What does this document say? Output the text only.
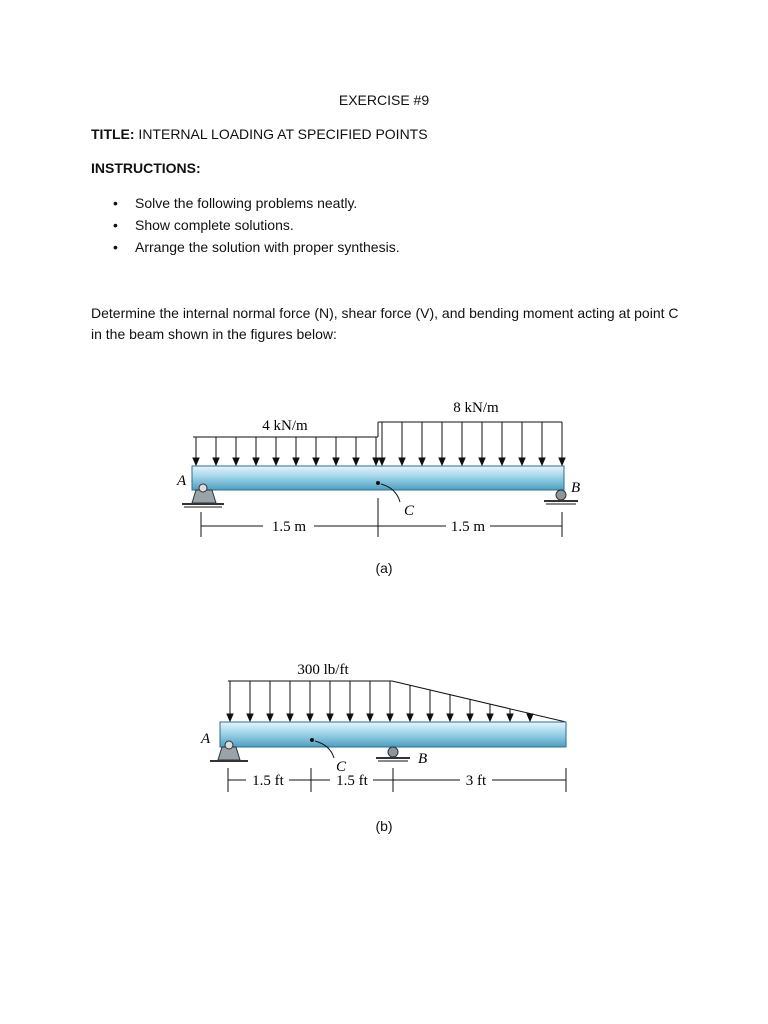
EXERCISE #9
TITLE: INTERNAL LOADING AT SPECIFIED POINTS
INSTRUCTIONS:
• Solve the following problems neatly.
• Show complete solutions.
• Arrange the solution with proper synthesis.
Determine the internal normal force (N), shear force (V), and bending moment acting at point C in the beam shown in the figures below:
4 kN/m
8 kN/m
A	B
C
1.5 m	1.5 m
(a)
300 lb/ft
A
B
C
1.5 ft	1.5 ft	3 ft
(b)
